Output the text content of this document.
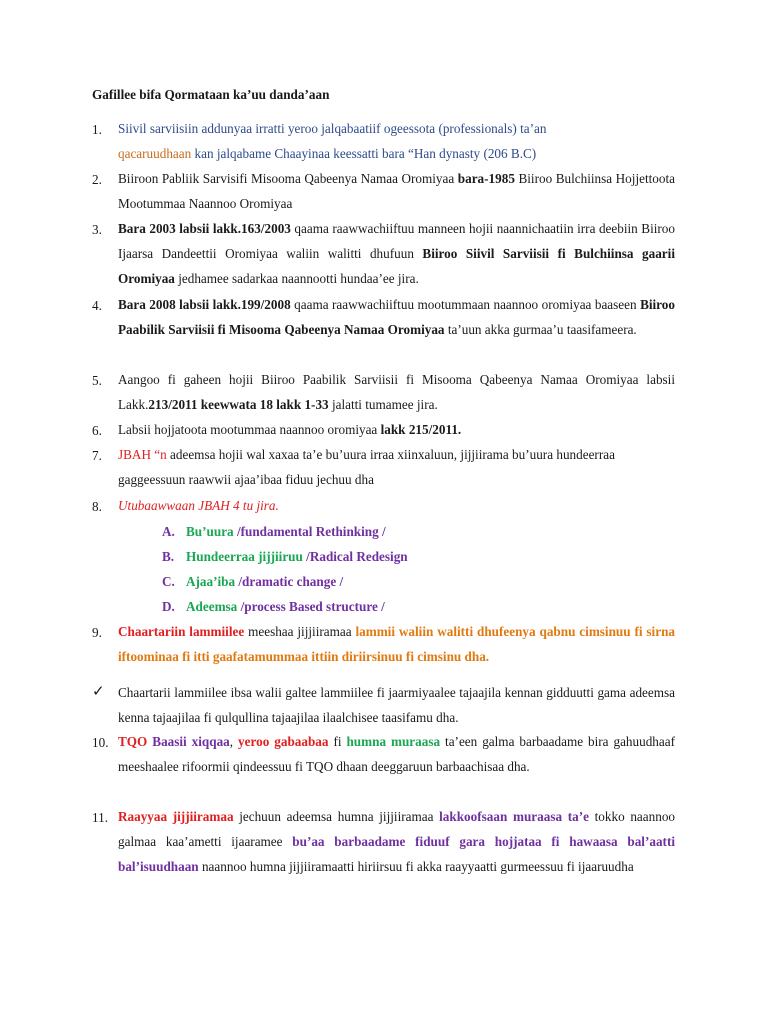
Gafillee bifa Qormataan ka’uu danda’aan
1. Siivil sarviisiin addunyaa irratti yeroo jalqabaatiif ogeessota (professionals) ta’an
qacaruudhaan kan jalqabame Chaayinaa keessatti bara “Han dynasty (206 B.C)
2. Biiroon Pabliik Sarvisifi Misooma Qabeenya Namaa Oromiyaa bara-1985 Biiroo Bulchiinsa Hojjettoota Mootummaa Naannoo Oromiyaa
3. Bara 2003 labsii lakk.163/2003 qaama raawwachiiftuu manneen hojii naannichaatiin irra deebiin Biiroo Ijaarsa Dandeettii Oromiyaa waliin walitti dhufuun Biiroo Siivil Sarviisii fi Bulchiinsa gaarii Oromiyaa jedhamee sadarkaa naannootti hundaa’ee jira.
4. Bara 2008 labsii lakk.199/2008 qaama raawwachiiftuu mootummaan naannoo oromiyaa baaseen Biiroo Paabilik Sarviisii fi Misooma Qabeenya Namaa Oromiyaa ta’uun akka gurmaa’u taasifameera.
5. Aangoo fi gaheen hojii Biiroo Paabilik Sarviisii fi Misooma Qabeenya Namaa Oromiyaa labsii Lakk.213/2011 keewwata 18 lakk 1-33 jalatti tumamee jira.
6. Labsii hojjatoota mootummaa naannoo oromiyaa lakk 215/2011.
7. JBAH “n adeemsa hojii wal xaxaa ta’e bu’uura irraa xiinxaluun, jijjiirama bu’uura hundeerraa gaggeessuun raawwii ajaa’ibaa fiduu jechuu dha
8. Utubaawwaan JBAH 4 tu jira.
A. Bu’uura /fundamental Rethinking /
B. Hundeerraa jijjiiruu /Radical Redesign
C. Ajaa’iba /dramatic change /
D. Adeemsa /process Based structure /
9. Chaartariin lammiilee meeshaa jijjiiramaa lammii waliin walitti dhufeenya qabnu cimsinuu fi sirna iftoominaa fi itti gaafatamummaa ittiin diriirsinuu fi cimsinu dha.
✓ Chaartarii lammiilee ibsa walii galtee lammiilee fi jaarmiyaalee tajaajila kennan gidduutti gama adeemsa kenna tajaajilaa fi qulqullina tajaajilaa ilaalchisee taasifamu dha.
10. TQO Baasii xiqqaa, yeroo gabaabaa fi humna muraasa ta’een galma barbaadame bira gahuudhaaf meeshaalee rifoormii qindeessuu fi TQO dhaan deeggaruun barbaachisaa dha.
11. Raayyaa jijjiiramaa jechuun adeemsa humna jijjiiramaa lakkoofsaan muraasa ta’e tokko naannoo galmaa kaa’ametti ijaaramee bu’aa barbaadame fiduuf gara hojjataa fi hawaasa bal’aatti bal’isuudhaan naannoo humna jijjiiramaatti hiriirsuu fi akka raayyaatti gurmeessuu fi ijaaruudha
